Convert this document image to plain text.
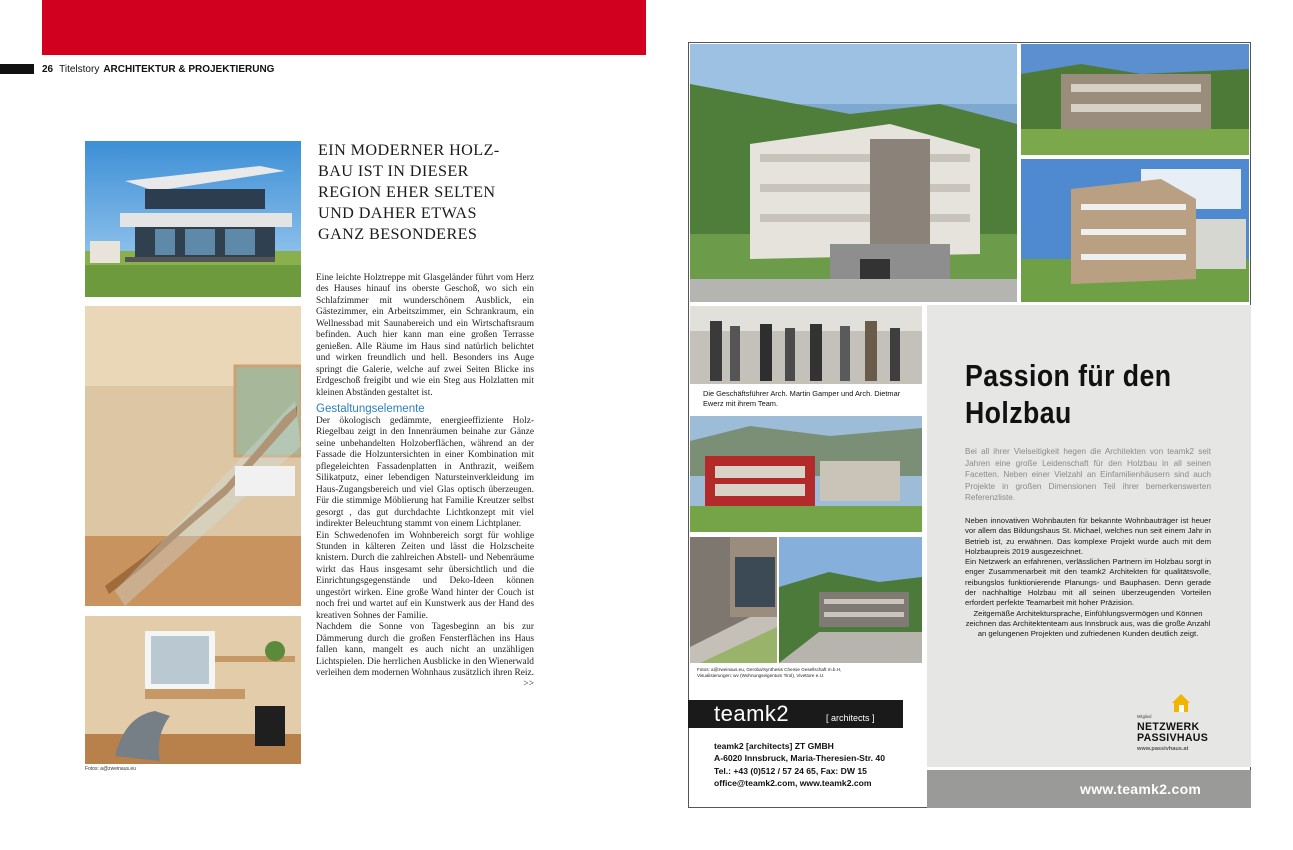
26 Titelstory ARCHITEKTUR & PROJEKTIERUNG
Fotos: a@zweinaus.eu
EIN MODERNER HOLZ-BAU IST IN DIESER REGION EHER SELTEN UND DAHER ETWAS GANZ BESONDERES

Eine leichte Holztreppe mit Glasgeländer führt vom Herz des Hauses hinauf ins oberste Geschoß, wo sich ein Schlafzimmer mit wunderschönem Ausblick, ein Gästezimmer, ein Arbeitszimmer, ein Schrankraum, ein Wellnessbad mit Saunabereich und ein Wirtschaftsraum befinden. Auch hier kann man eine großen Terrasse genießen. Alle Räume im Haus sind natürlich belichtet und wirken freundlich und hell. Besonders ins Auge springt die Galerie, welche auf zwei Seiten Blicke ins Erdgeschoß freigibt und wie ein Steg aus Holzlatten mit kleinen Abständen gestaltet ist.

Gestaltungselemente

Der ökologisch gedämmte, energieeffiziente Holz-Riegelbau zeigt in den Innenräumen beinahe zur Gänze seine unbehandelten Holzoberflächen, während an der Fassade die Holzuntersichten in einer Kombination mit pflegeleichten Fassadenplatten in Anthrazit, weißem Silikatputz, einer lebendigen Natursteinverkleidung im Haus-Zugangsbereich und viel Glas optisch überzeugen. Für die stimmige Möblierung hat Familie Kreutzer selbst gesorgt , das gut durchdachte Lichtkonzept mit viel indirekter Beleuchtung stammt von einem Lichtplaner.

Ein Schwedenofen im Wohnbereich sorgt für wohlige Stunden in kälteren Zeiten und lässt die Holzscheite knistern. Durch die zahlreichen Abstell- und Nebenräume wirkt das Haus insgesamt sehr übersichtlich und die Einrichtungsgegenstände und Deko-Ideen können ungestört wirken. Eine große Wand hinter der Couch ist noch frei und wartet auf ein Kunstwerk aus der Hand des kreativen Sohnes der Familie.

Nachdem die Sonne von Tagesbeginn an bis zur Dämmerung durch die großen Fensterflächen ins Haus fallen kann, mangelt es auch nicht an unzähligen Lichtspielen. Die herrlichen Ausblicke in den Wienerwald verleihen dem modernen Wohnhaus zusätzlich ihren Reiz.

>>
Die Geschäftsführer Arch. Martin Gamper und Arch. Dietmar Ewerz mit ihrem Team.
Fotos: a@zweinaus.eu, Geroba/Synthesis Chemie Gesellschaft m.b.H,
Visualisierungen: wv (Wohnungseigentum Tirol), Vivetture e.U.
teamk2	[ architects ]
teamk2 [architects] ZT GMBH
A-6020 Innsbruck, Maria-Theresien-Str. 40
Tel.: +43 (0)512 / 57 24 65, Fax: DW 15
office@teamk2.com, www.teamk2.com
Passion für den Holzbau
Bei all ihrer Vielseitigkeit hegen die Architekten von teamk2 seit Jahren eine große Leidenschaft für den Holzbau in all seinen Facetten. Neben einer Vielzahl an Einfamilienhäusern sind auch Projekte in großen Dimensionen Teil ihrer bemerkenswerten Referenzliste.

Neben innovativen Wohnbauten für bekannte Wohnbauträger ist heuer vor allem das Bildungshaus St. Michael, welches nun seit einem Jahr in Betrieb ist, zu erwähnen. Das komplexe Projekt wurde auch mit dem Holzbaupreis 2019 ausgezeichnet.

Ein Netzwerk an erfahrenen, verlässlichen Partnern im Holzbau sorgt in enger Zusammenarbeit mit den teamk2 Architekten für qualitätsvolle, reibungslos funktionierende Planungs- und Bauphasen. Denn gerade der nachhaltige Holzbau mit all seinen überzeugenden Vorteilen erfordert perfekte Teamarbeit mit hoher Präzision.

Zeitgemäße Architektursprache, Einfühlungsvermögen und Können zeichnen das Architektenteam aus Innsbruck aus, was die große Anzahl an gelungenen Projekten und zufriedenen Kunden deutlich zeigt.

Mitglied
NETZWERK
PASSIVHAUS
www.passivhaus.at
www.teamk2.com
